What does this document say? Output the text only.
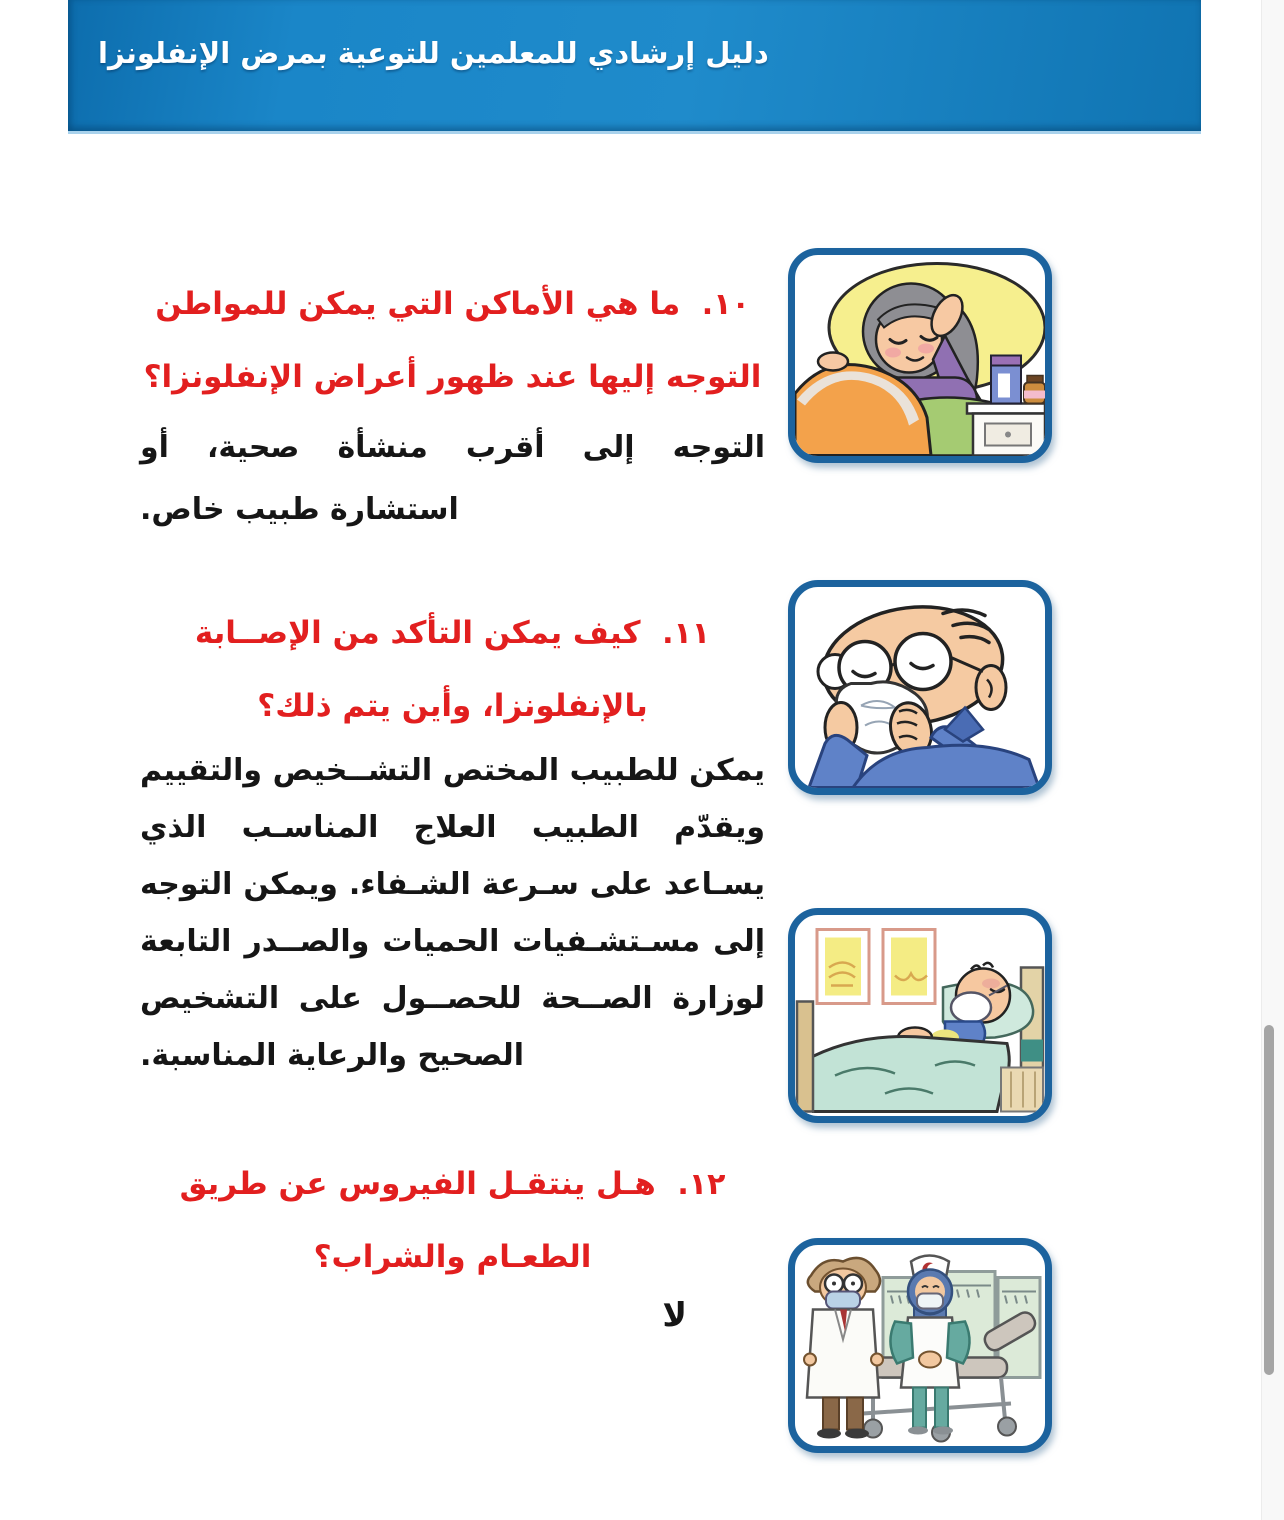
دليل إرشادي للمعلمين للتوعية بمرض الإنفلونزا

١٠.  ما هي الأماكن التي يمكن للمواطن التوجه إليها عند ظهور أعراض الإنفلونزا؟

التوجه إلى أقرب منشأة صحية، أو استشارة طبيب خاص.

١١.  كيف يمكن التأكد من الإصــابة بالإنفلونزا، وأين يتم ذلك؟

يمكن للطبيب المختص التشــخيص والتقييم ويقدّم الطبيب العلاج المناسـب الذي يسـاعد على سـرعة الشـفاء. ويمكن التوجه إلى مسـتشـفيات الحميات والصــدر التابعة لوزارة الصــحة للحصــول على التشخيص الصحيح والرعاية المناسبة.

١٢.  هـل ينتقـل الفيروس عن طريق الطعـام والشراب؟

لا
